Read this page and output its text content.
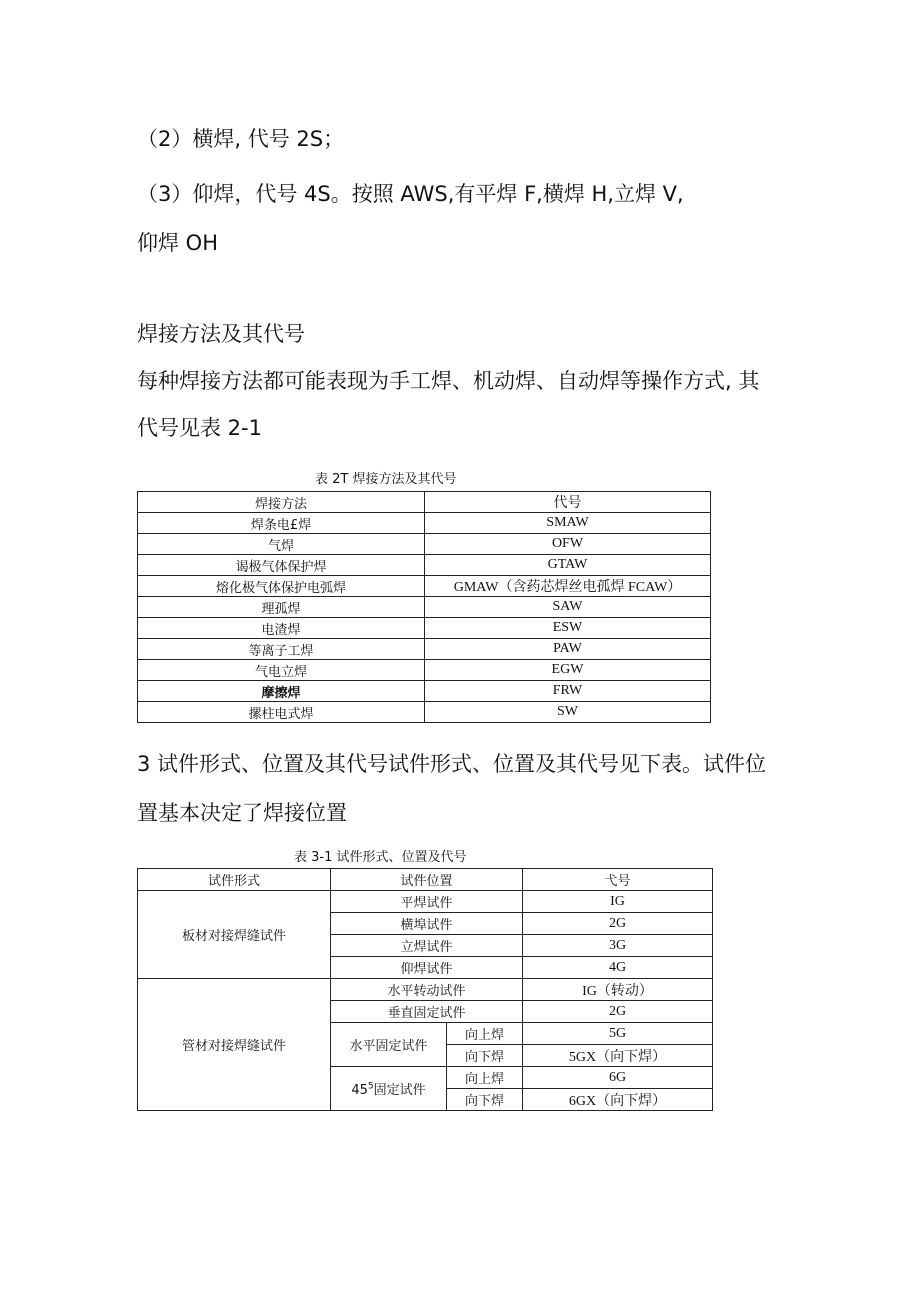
（2）横焊, 代号 2S；

（3）仰焊，代号 4S。按照 AWS,有平焊 F,横焊 H,立焊 V,

仰焊 OH

焊接方法及其代号

每种焊接方法都可能表现为手工焊、机动焊、自动焊等操作方式, 其

代号见表 2-1

表 2T 焊接方法及其代号

焊接方法	代号
焊条电£焊	SMAW
气焊	OFW
谒极气体保护焊	GTAW
熔化极气体保护电弧焊	GMAW（含药芯焊丝电孤焊 FCAW）
理孤焊	SAW
电渣焊	ESW
等离子工焊	PAW
气电立焊	EGW
摩擦焊	FRW
摞柱电式焊	SW

3 试件形式、位置及其代号试件形式、位置及其代号见下表。试件位

置基本决定了焊接位置

表 3-1 试件形式、位置及代号

试件形式	试件位置		弋号
板材对接焊缝试件	平焊试件		IG
	横埠试件		2G
	立焊试件		3G
	仰焊试件		4G
管材对接焊缝试件	水平转动试件		IG（转动）
	垂直固定试件		2G
	水平固定试件	向上焊	5G
		向下焊	5GX（向下焊）
	$45^5$固定试件	向上焊	6G
		向下焊	6GX（向下焊）
